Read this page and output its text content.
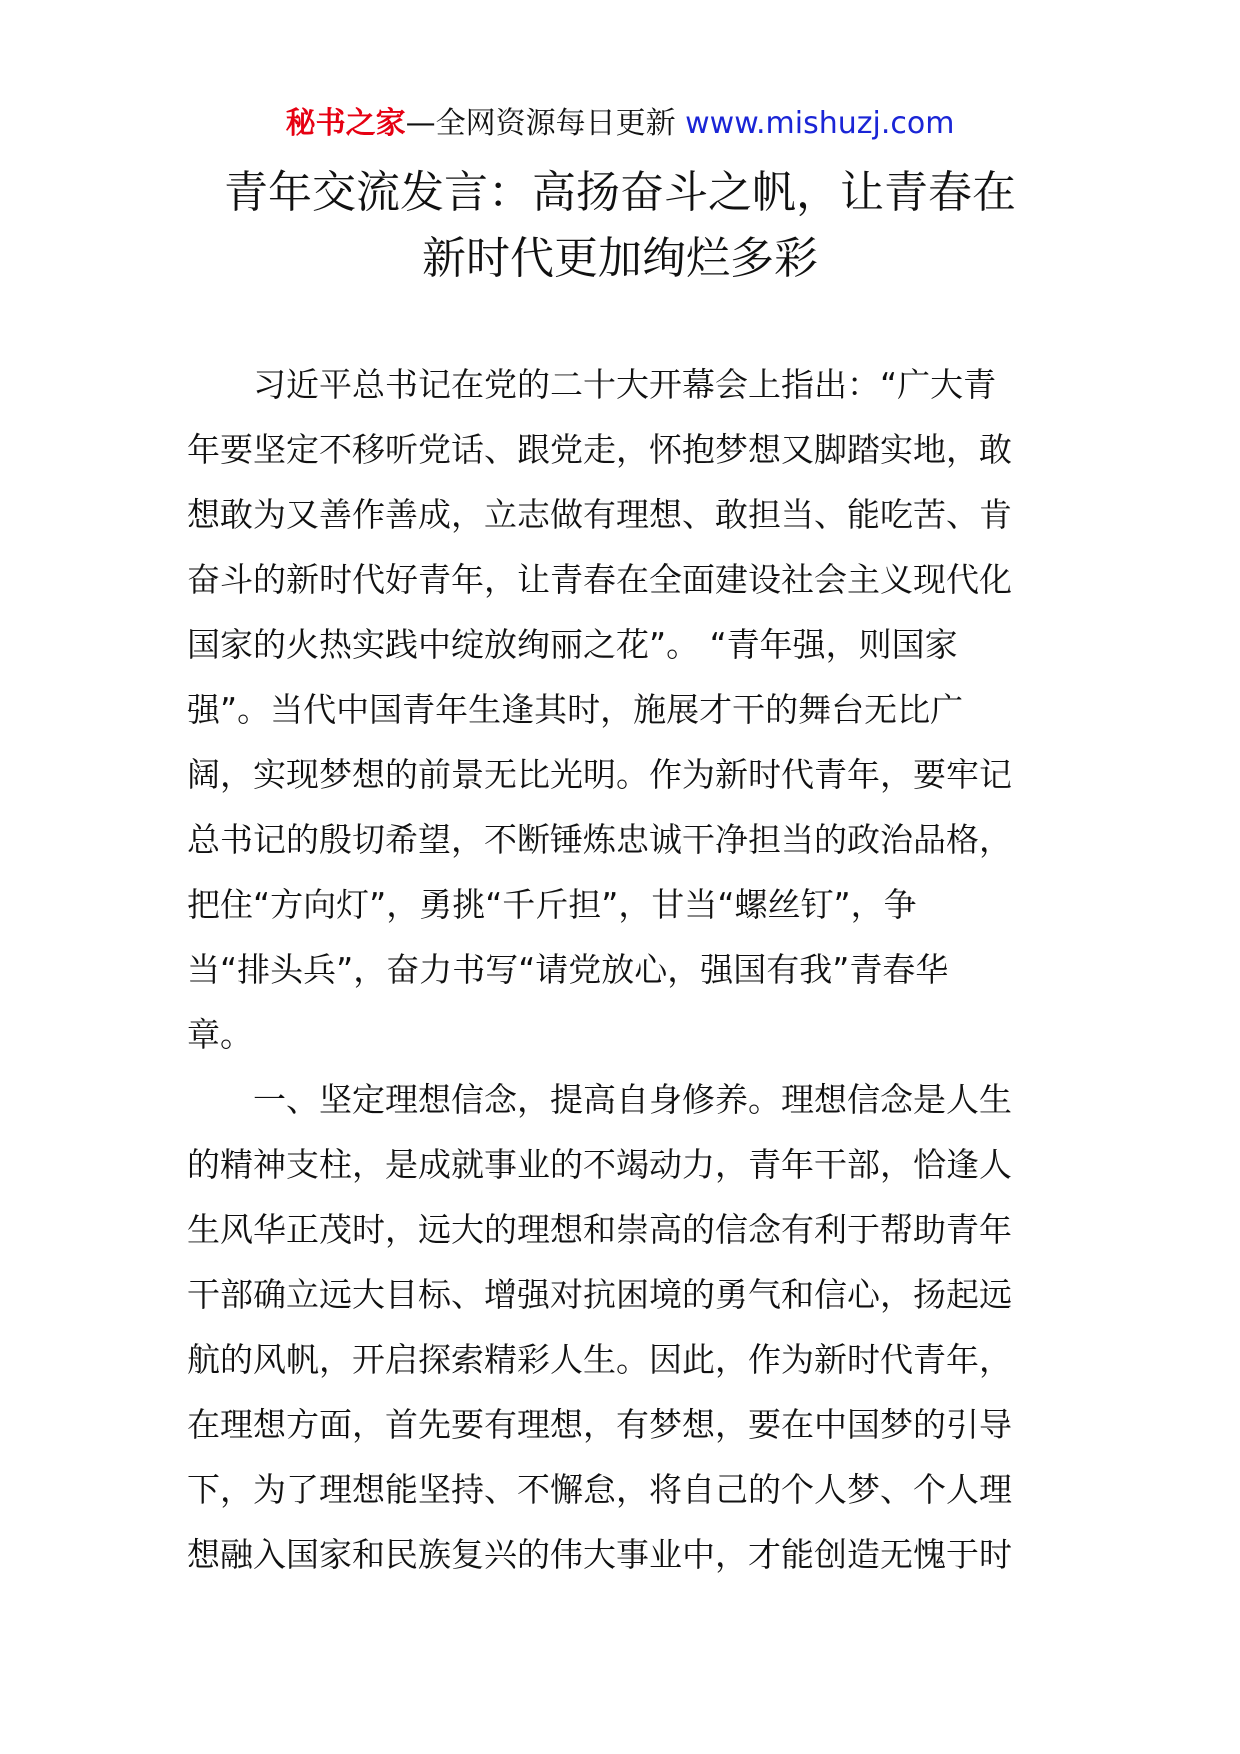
秘书之家—全网资源每日更新 www.mishuzj.com
青年交流发言：高扬奋斗之帆，让青春在
新时代更加绚烂多彩
习近平总书记在党的二十大开幕会上指出：“广大青
年要坚定不移听党话、跟党走，怀抱梦想又脚踏实地，敢
想敢为又善作善成，立志做有理想、敢担当、能吃苦、肯
奋斗的新时代好青年，让青春在全面建设社会主义现代化
国家的火热实践中绽放绚丽之花”。 “青年强，则国家
强”。当代中国青年生逢其时，施展才干的舞台无比广
阔，实现梦想的前景无比光明。作为新时代青年，要牢记
总书记的殷切希望，不断锤炼忠诚干净担当的政治品格，
把住“方向灯”，勇挑“千斤担”，甘当“螺丝钉”，争
当“排头兵”，奋力书写“请党放心，强国有我”青春华
章。
一、坚定理想信念，提高自身修养。理想信念是人生
的精神支柱，是成就事业的不竭动力，青年干部，恰逢人
生风华正茂时，远大的理想和崇高的信念有利于帮助青年
干部确立远大目标、增强对抗困境的勇气和信心，扬起远
航的风帆，开启探索精彩人生。因此，作为新时代青年，
在理想方面，首先要有理想，有梦想，要在中国梦的引导
下，为了理想能坚持、不懈怠，将自己的个人梦、个人理
想融入国家和民族复兴的伟大事业中，才能创造无愧于时
